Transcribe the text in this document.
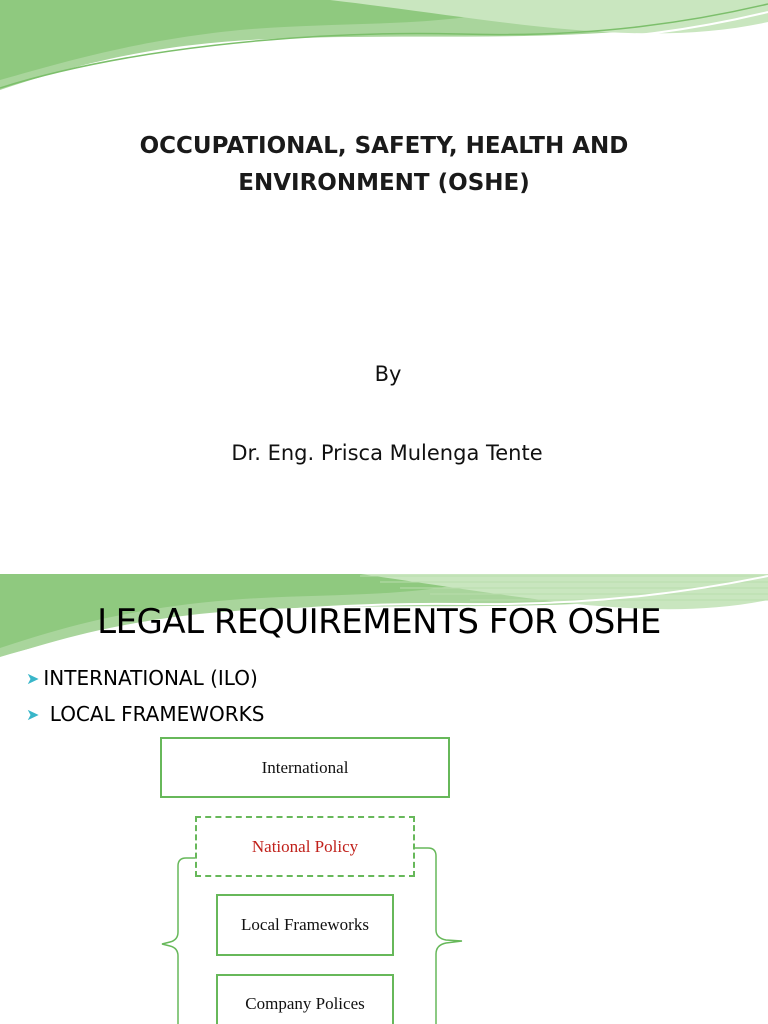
OCCUPATIONAL, SAFETY, HEALTH AND
ENVIRONMENT (OSHE)
By
Dr. Eng. Prisca Mulenga Tente
LEGAL REQUIREMENTS FOR OSHE
➤ INTERNATIONAL (ILO)
➤ LOCAL FRAMEWORKS
International
National Policy
Local Frameworks
Company Polices
